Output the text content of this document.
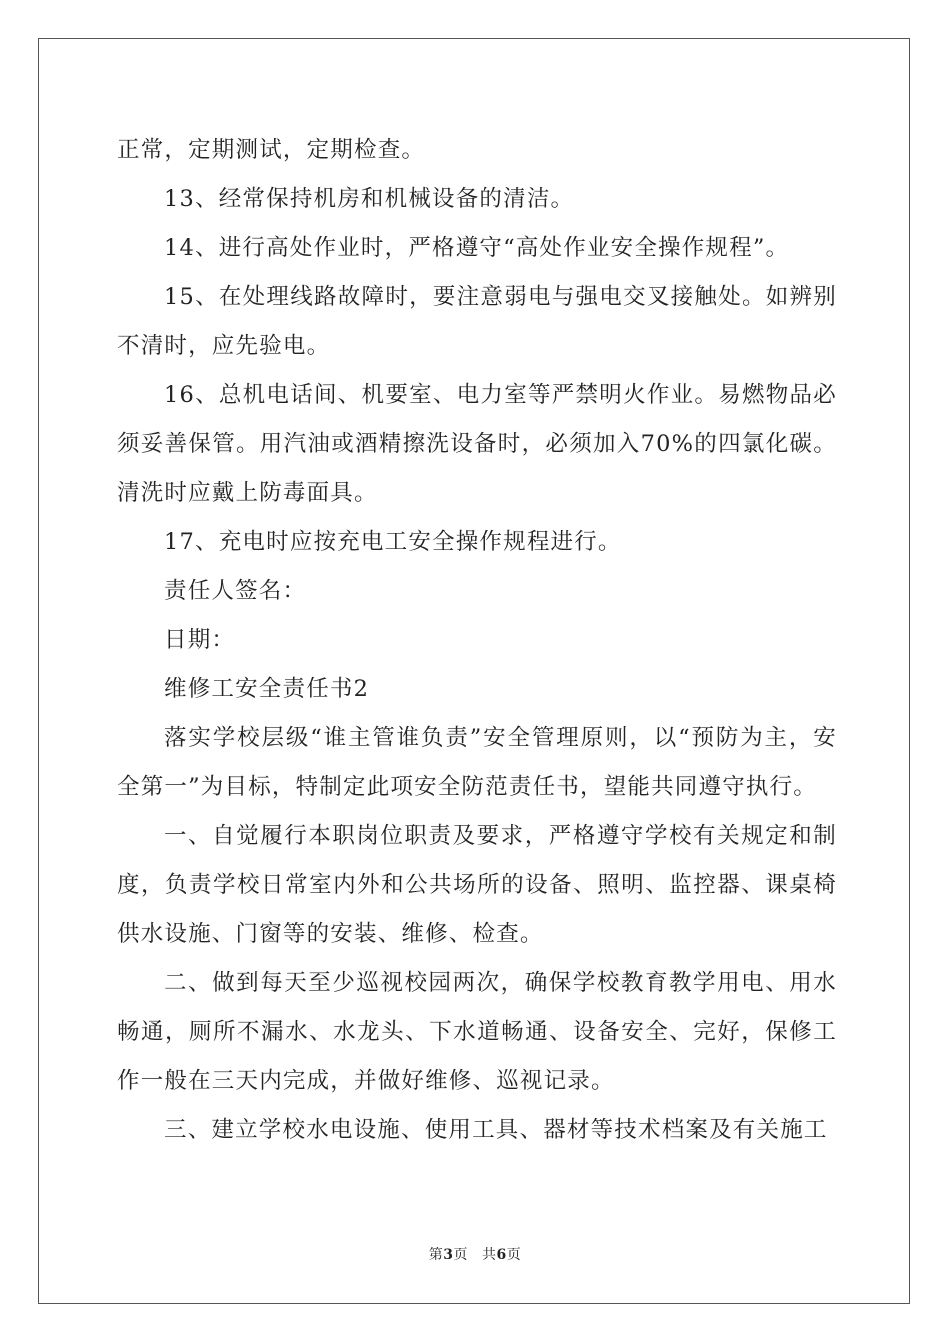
正常，定期测试，定期检查。

13、经常保持机房和机械设备的清洁。

14、进行高处作业时，严格遵守“高处作业安全操作规程”。

15、在处理线路故障时，要注意弱电与强电交叉接触处。如辨别不清时，应先验电。

16、总机电话间、机要室、电力室等严禁明火作业。易燃物品必须妥善保管。用汽油或酒精擦洗设备时，必须加入70%的四氯化碳。清洗时应戴上防毒面具。

17、充电时应按充电工安全操作规程进行。

责任人签名：

日期：

维修工安全责任书2

落实学校层级“谁主管谁负责”安全管理原则，以“预防为主，安全第一”为目标，特制定此项安全防范责任书，望能共同遵守执行。

一、自觉履行本职岗位职责及要求，严格遵守学校有关规定和制度，负责学校日常室内外和公共场所的设备、照明、监控器、课桌椅供水设施、门窗等的安装、维修、检查。

二、做到每天至少巡视校园两次，确保学校教育教学用电、用水畅通，厕所不漏水、水龙头、下水道畅通、设备安全、完好，保修工作一般在三天内完成，并做好维修、巡视记录。

三、建立学校水电设施、使用工具、器材等技术档案及有关施工

第3页 共6页
